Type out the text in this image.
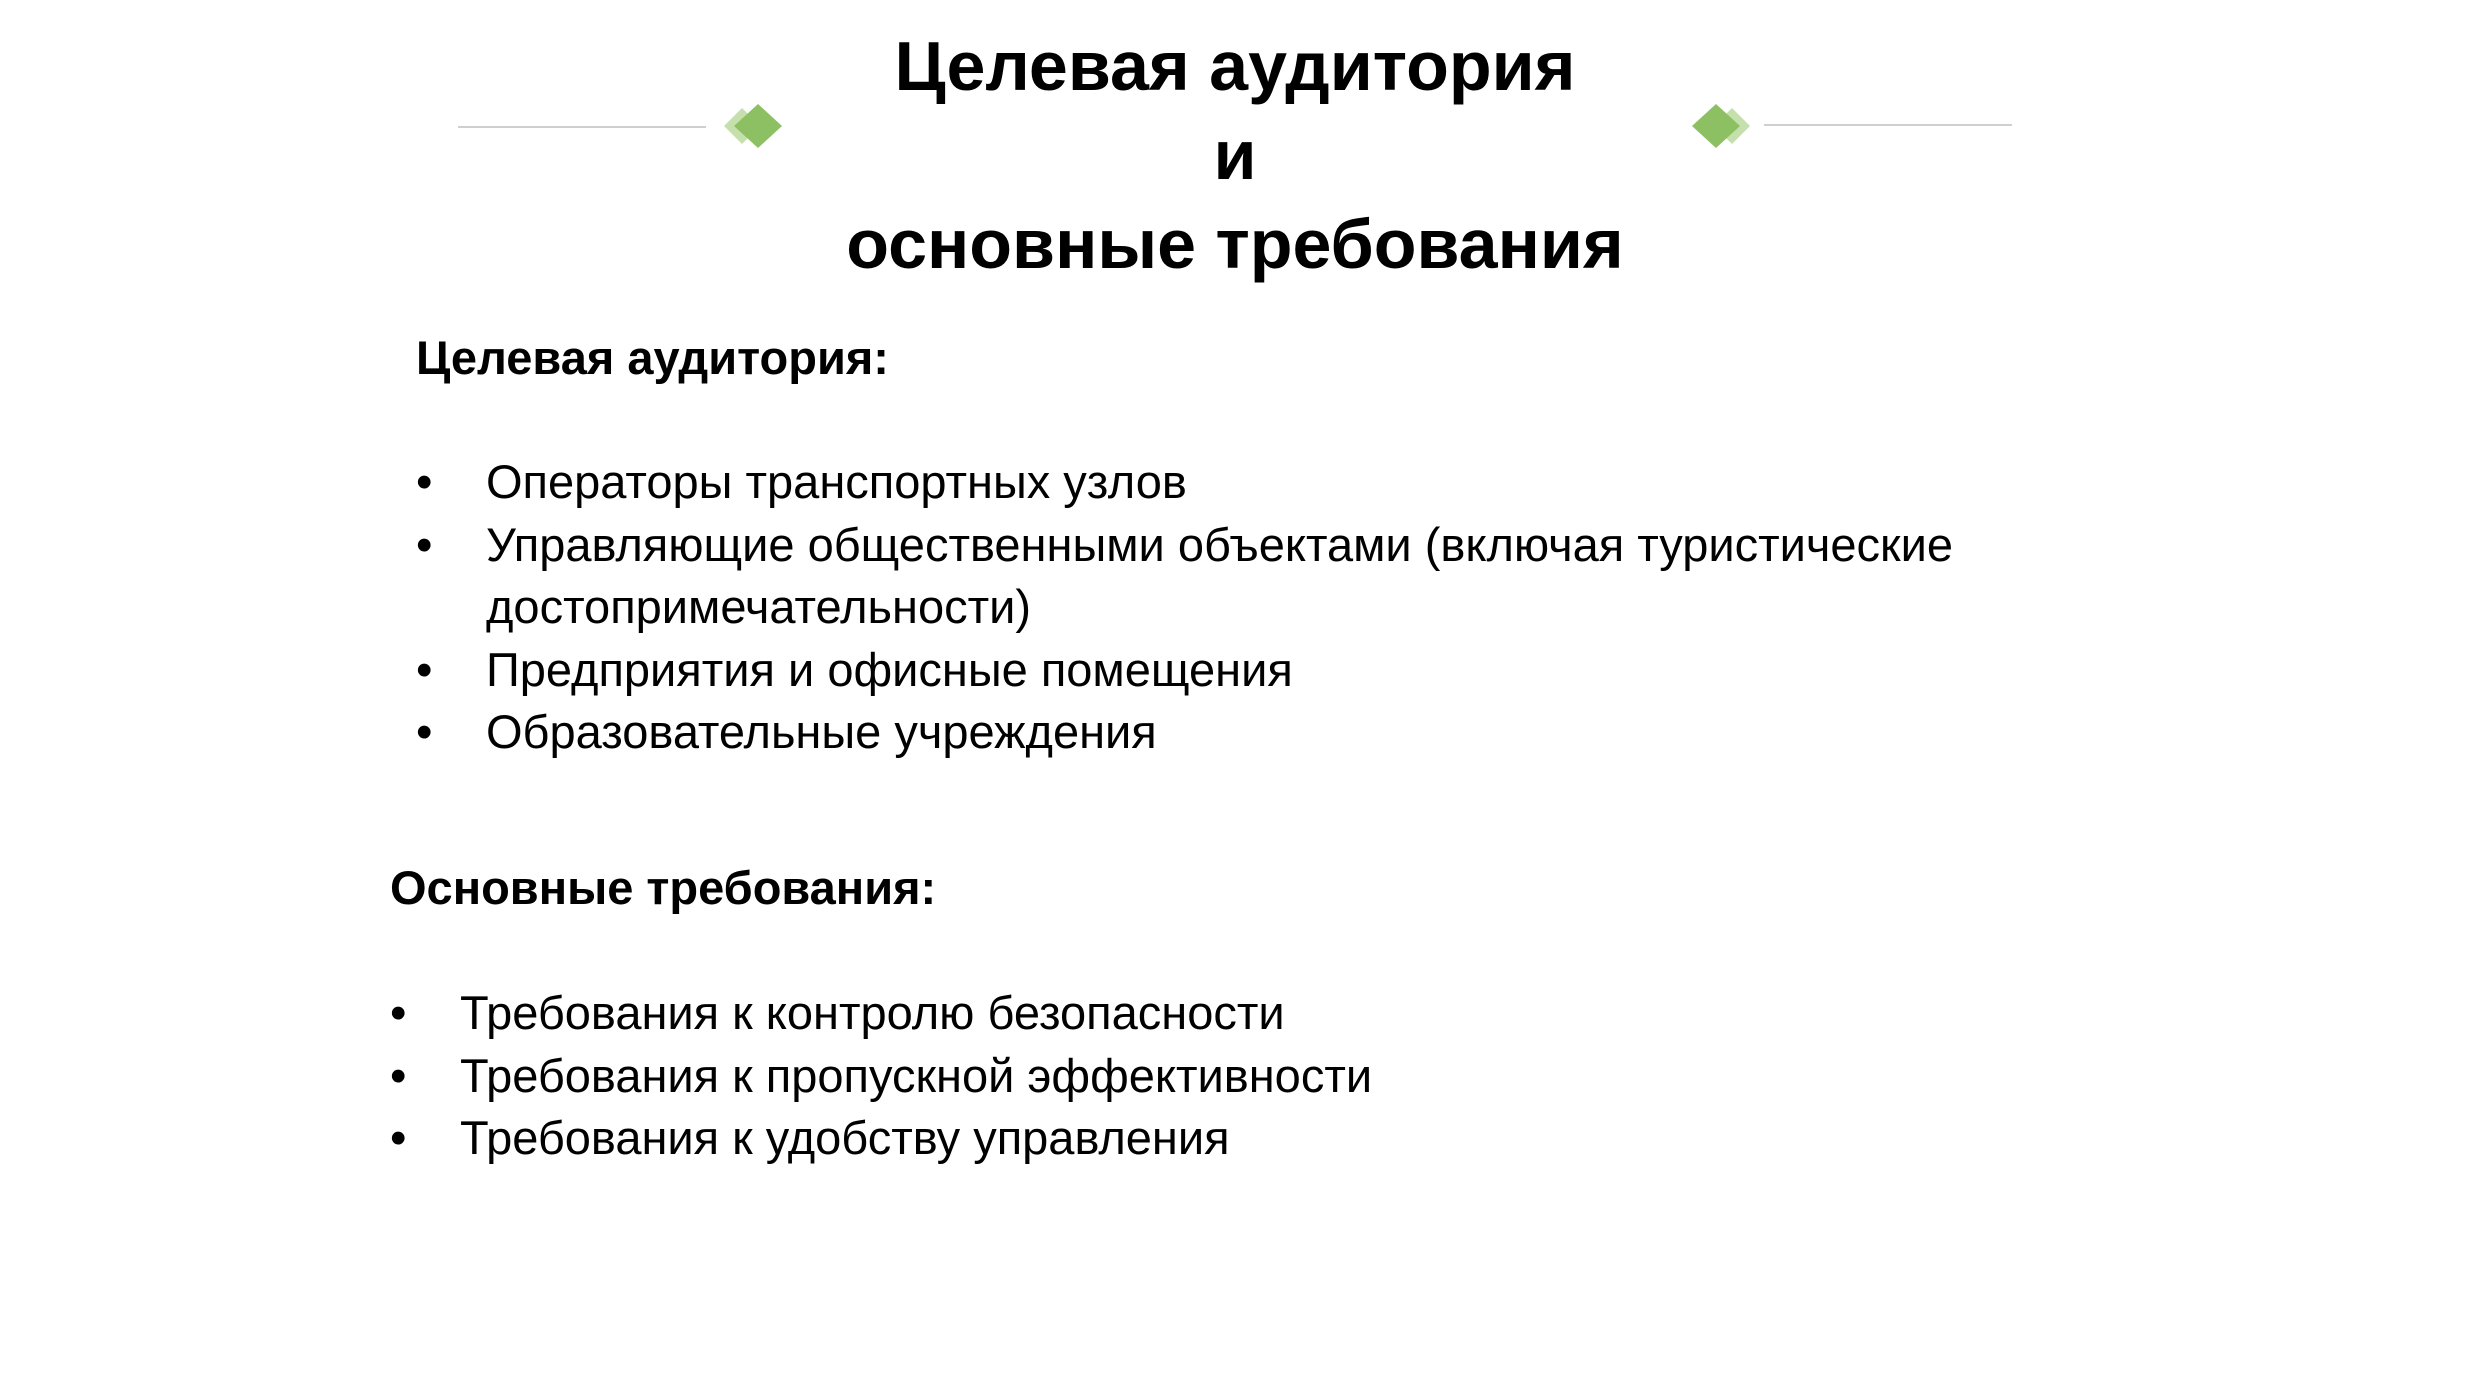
Целевая аудитория
и
основные требования
Целевая аудитория:
• Операторы транспортных узлов
• Управляющие общественными объектами (включая туристические
достопримечательности)
• Предприятия и офисные помещения
• Образовательные учреждения
Основные требования:
• Требования к контролю безопасности
• Требования к пропускной эффективности
• Требования к удобству управления
